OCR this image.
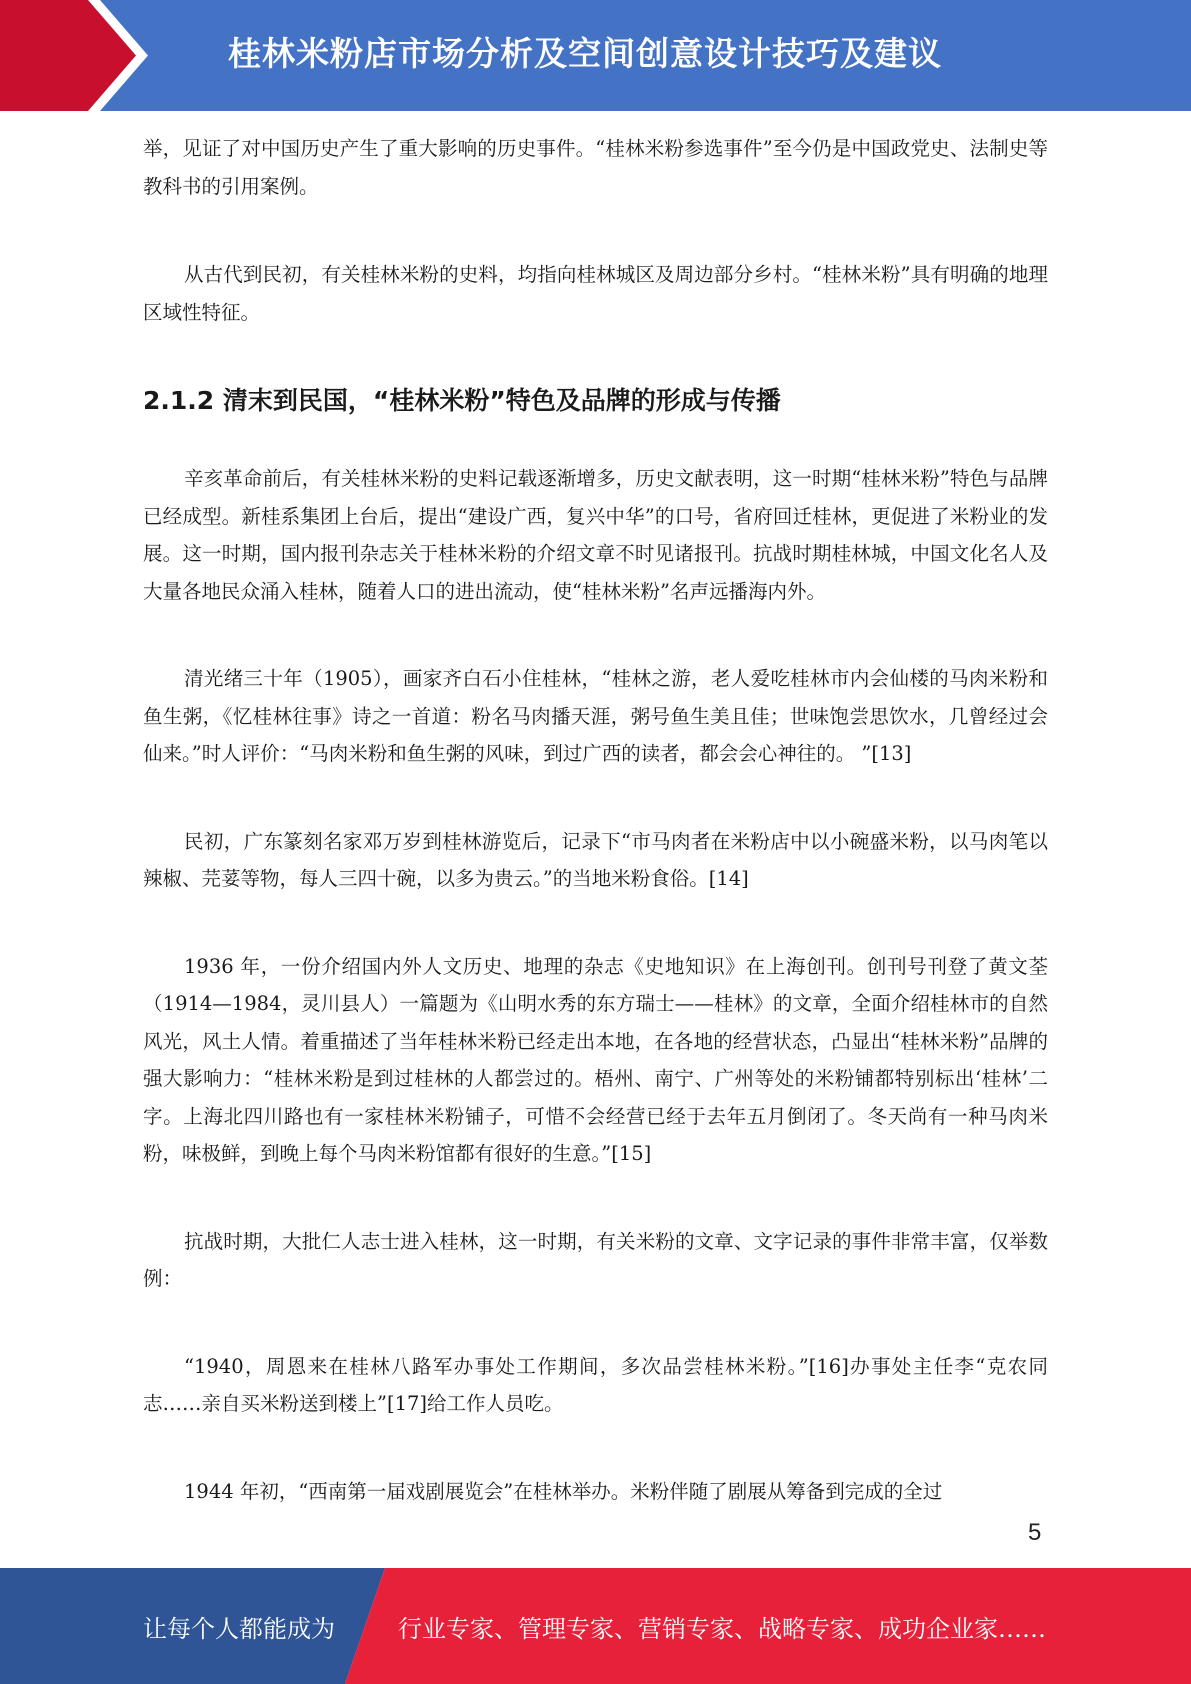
桂林米粉店市场分析及空间创意设计技巧及建议

举，见证了对中国历史产生了重大影响的历史事件。“桂林米粉参选事件”至今仍是中国政党史、法制史等教科书的引用案例。

从古代到民初，有关桂林米粉的史料，均指向桂林城区及周边部分乡村。“桂林米粉”具有明确的地理区域性特征。

2.1.2 清末到民国，“桂林米粉”特色及品牌的形成与传播

辛亥革命前后，有关桂林米粉的史料记载逐渐增多，历史文献表明，这一时期“桂林米粉”特色与品牌已经成型。新桂系集团上台后，提出“建设广西，复兴中华”的口号，省府回迁桂林，更促进了米粉业的发展。这一时期，国内报刊杂志关于桂林米粉的介绍文章不时见诸报刊。抗战时期桂林城，中国文化名人及大量各地民众涌入桂林，随着人口的进出流动，使“桂林米粉”名声远播海内外。

清光绪三十年（1905），画家齐白石小住桂林，“桂林之游，老人爱吃桂林市内会仙楼的马肉米粉和鱼生粥，《忆桂林往事》诗之一首道：粉名马肉播天涯，粥号鱼生美且佳；世味饱尝思饮水，几曾经过会仙来。”时人评价：“马肉米粉和鱼生粥的风味，到过广西的读者，都会会心神往的。 ”[13]

民初，广东篆刻名家邓万岁到桂林游览后，记录下“市马肉者在米粉店中以小碗盛米粉，以马肉笔以辣椒、芫荽等物，每人三四十碗，以多为贵云。”的当地米粉食俗。[14]

1936 年，一份介绍国内外人文历史、地理的杂志《史地知识》在上海创刊。创刊号刊登了黄文荃（1914—1984，灵川县人）一篇题为《山明水秀的东方瑞士——桂林》的文章，全面介绍桂林市的自然风光，风土人情。着重描述了当年桂林米粉已经走出本地，在各地的经营状态，凸显出“桂林米粉”品牌的强大影响力：“桂林米粉是到过桂林的人都尝过的。梧州、南宁、广州等处的米粉铺都特别标出‘桂林’二字。上海北四川路也有一家桂林米粉铺子，可惜不会经营已经于去年五月倒闭了。冬天尚有一种马肉米粉，味极鲜，到晚上每个马肉米粉馆都有很好的生意。”[15]

抗战时期，大批仁人志士进入桂林，这一时期，有关米粉的文章、文字记录的事件非常丰富，仅举数例：

“1940，周恩来在桂林八路军办事处工作期间，多次品尝桂林米粉。”[16]办事处主任李“克农同志……亲自买米粉送到楼上”[17]给工作人员吃。

1944 年初，“西南第一届戏剧展览会”在桂林举办。米粉伴随了剧展从筹备到完成的全过

5
让每个人都能成为	行业专家、管理专家、营销专家、战略专家、成功企业家……
